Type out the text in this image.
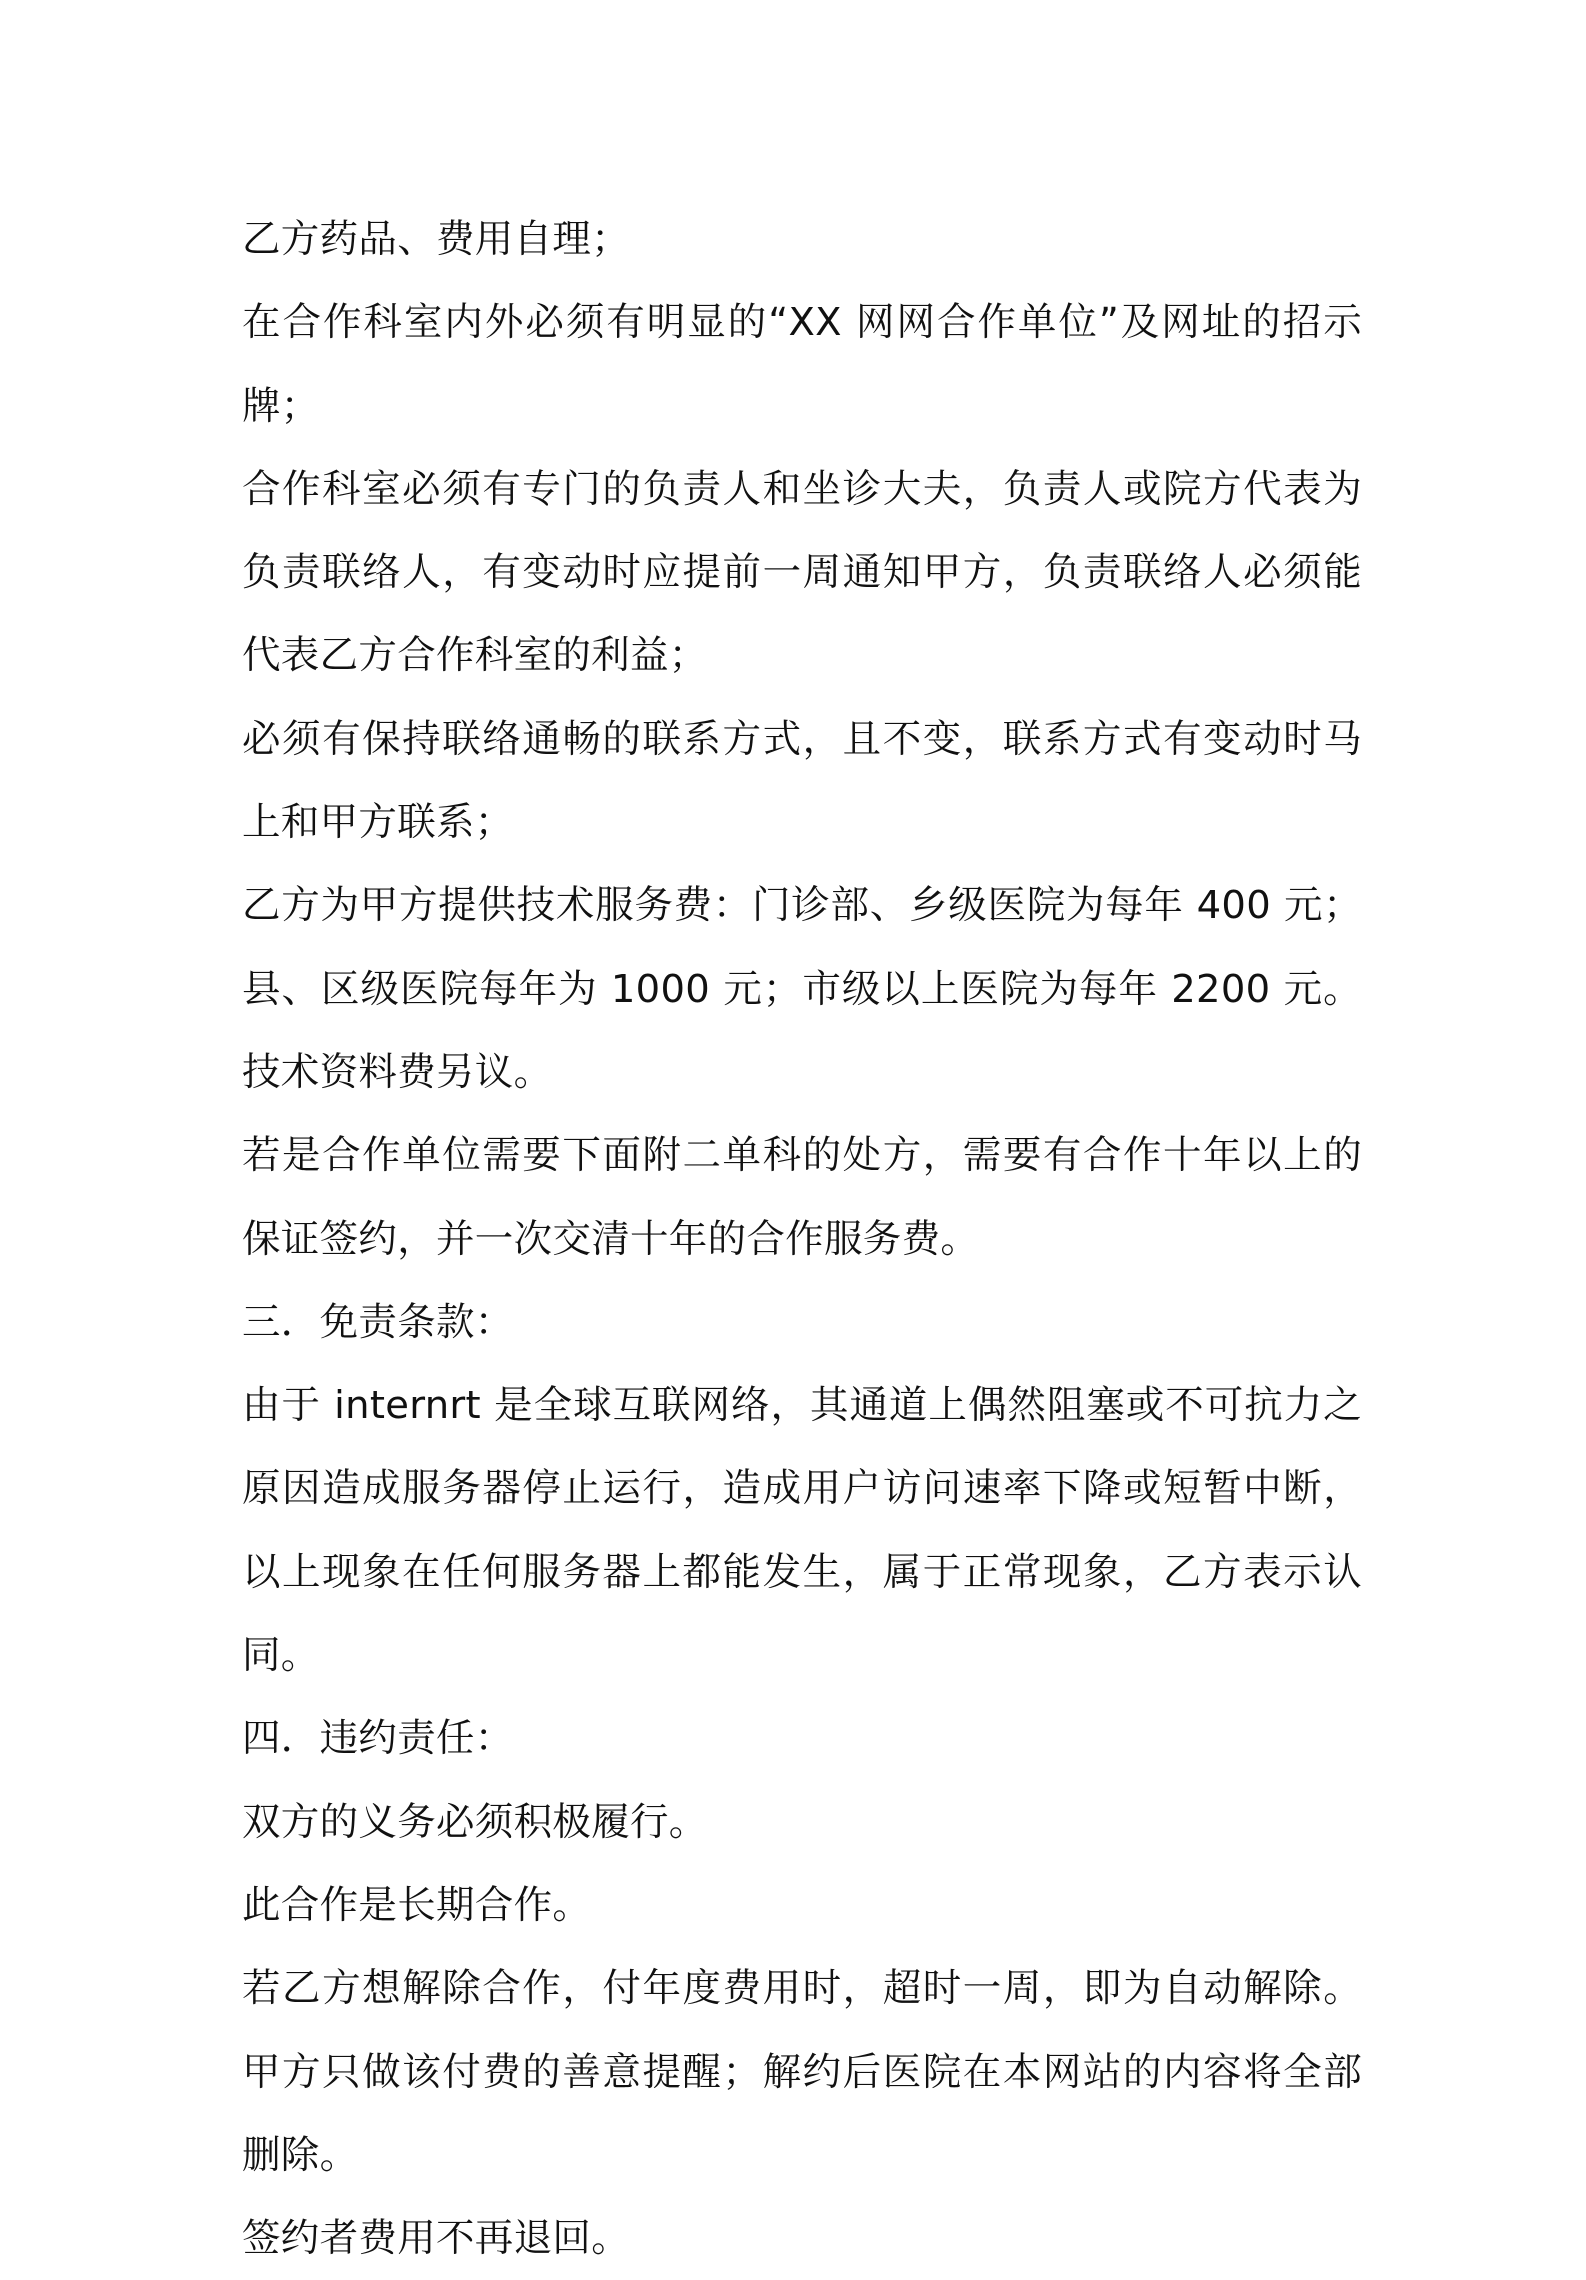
乙方药品、费用自理；

在合作科室内外必须有明显的“XX 网网合作单位”及网址的招示牌；

合作科室必须有专门的负责人和坐诊大夫，负责人或院方代表为负责联络人，有变动时应提前一周通知甲方，负责联络人必须能代表乙方合作科室的利益；

必须有保持联络通畅的联系方式，且不变，联系方式有变动时马上和甲方联系；

乙方为甲方提供技术服务费：门诊部、乡级医院为每年 400 元；县、区级医院每年为 1000 元；市级以上医院为每年 2200 元。 技术资料费另议。

若是合作单位需要下面附二单科的处方，需要有合作十年以上的保证签约，并一次交清十年的合作服务费。

三．免责条款：

由于 internrt 是全球互联网络，其通道上偶然阻塞或不可抗力之原因造成服务器停止运行，造成用户访问速率下降或短暂中断，以上现象在任何服务器上都能发生，属于正常现象，乙方表示认同。

四．违约责任：

双方的义务必须积极履行。

此合作是长期合作。

若乙方想解除合作，付年度费用时，超时一周，即为自动解除。甲方只做该付费的善意提醒；解约后医院在本网站的内容将全部删除。

签约者费用不再退回。
